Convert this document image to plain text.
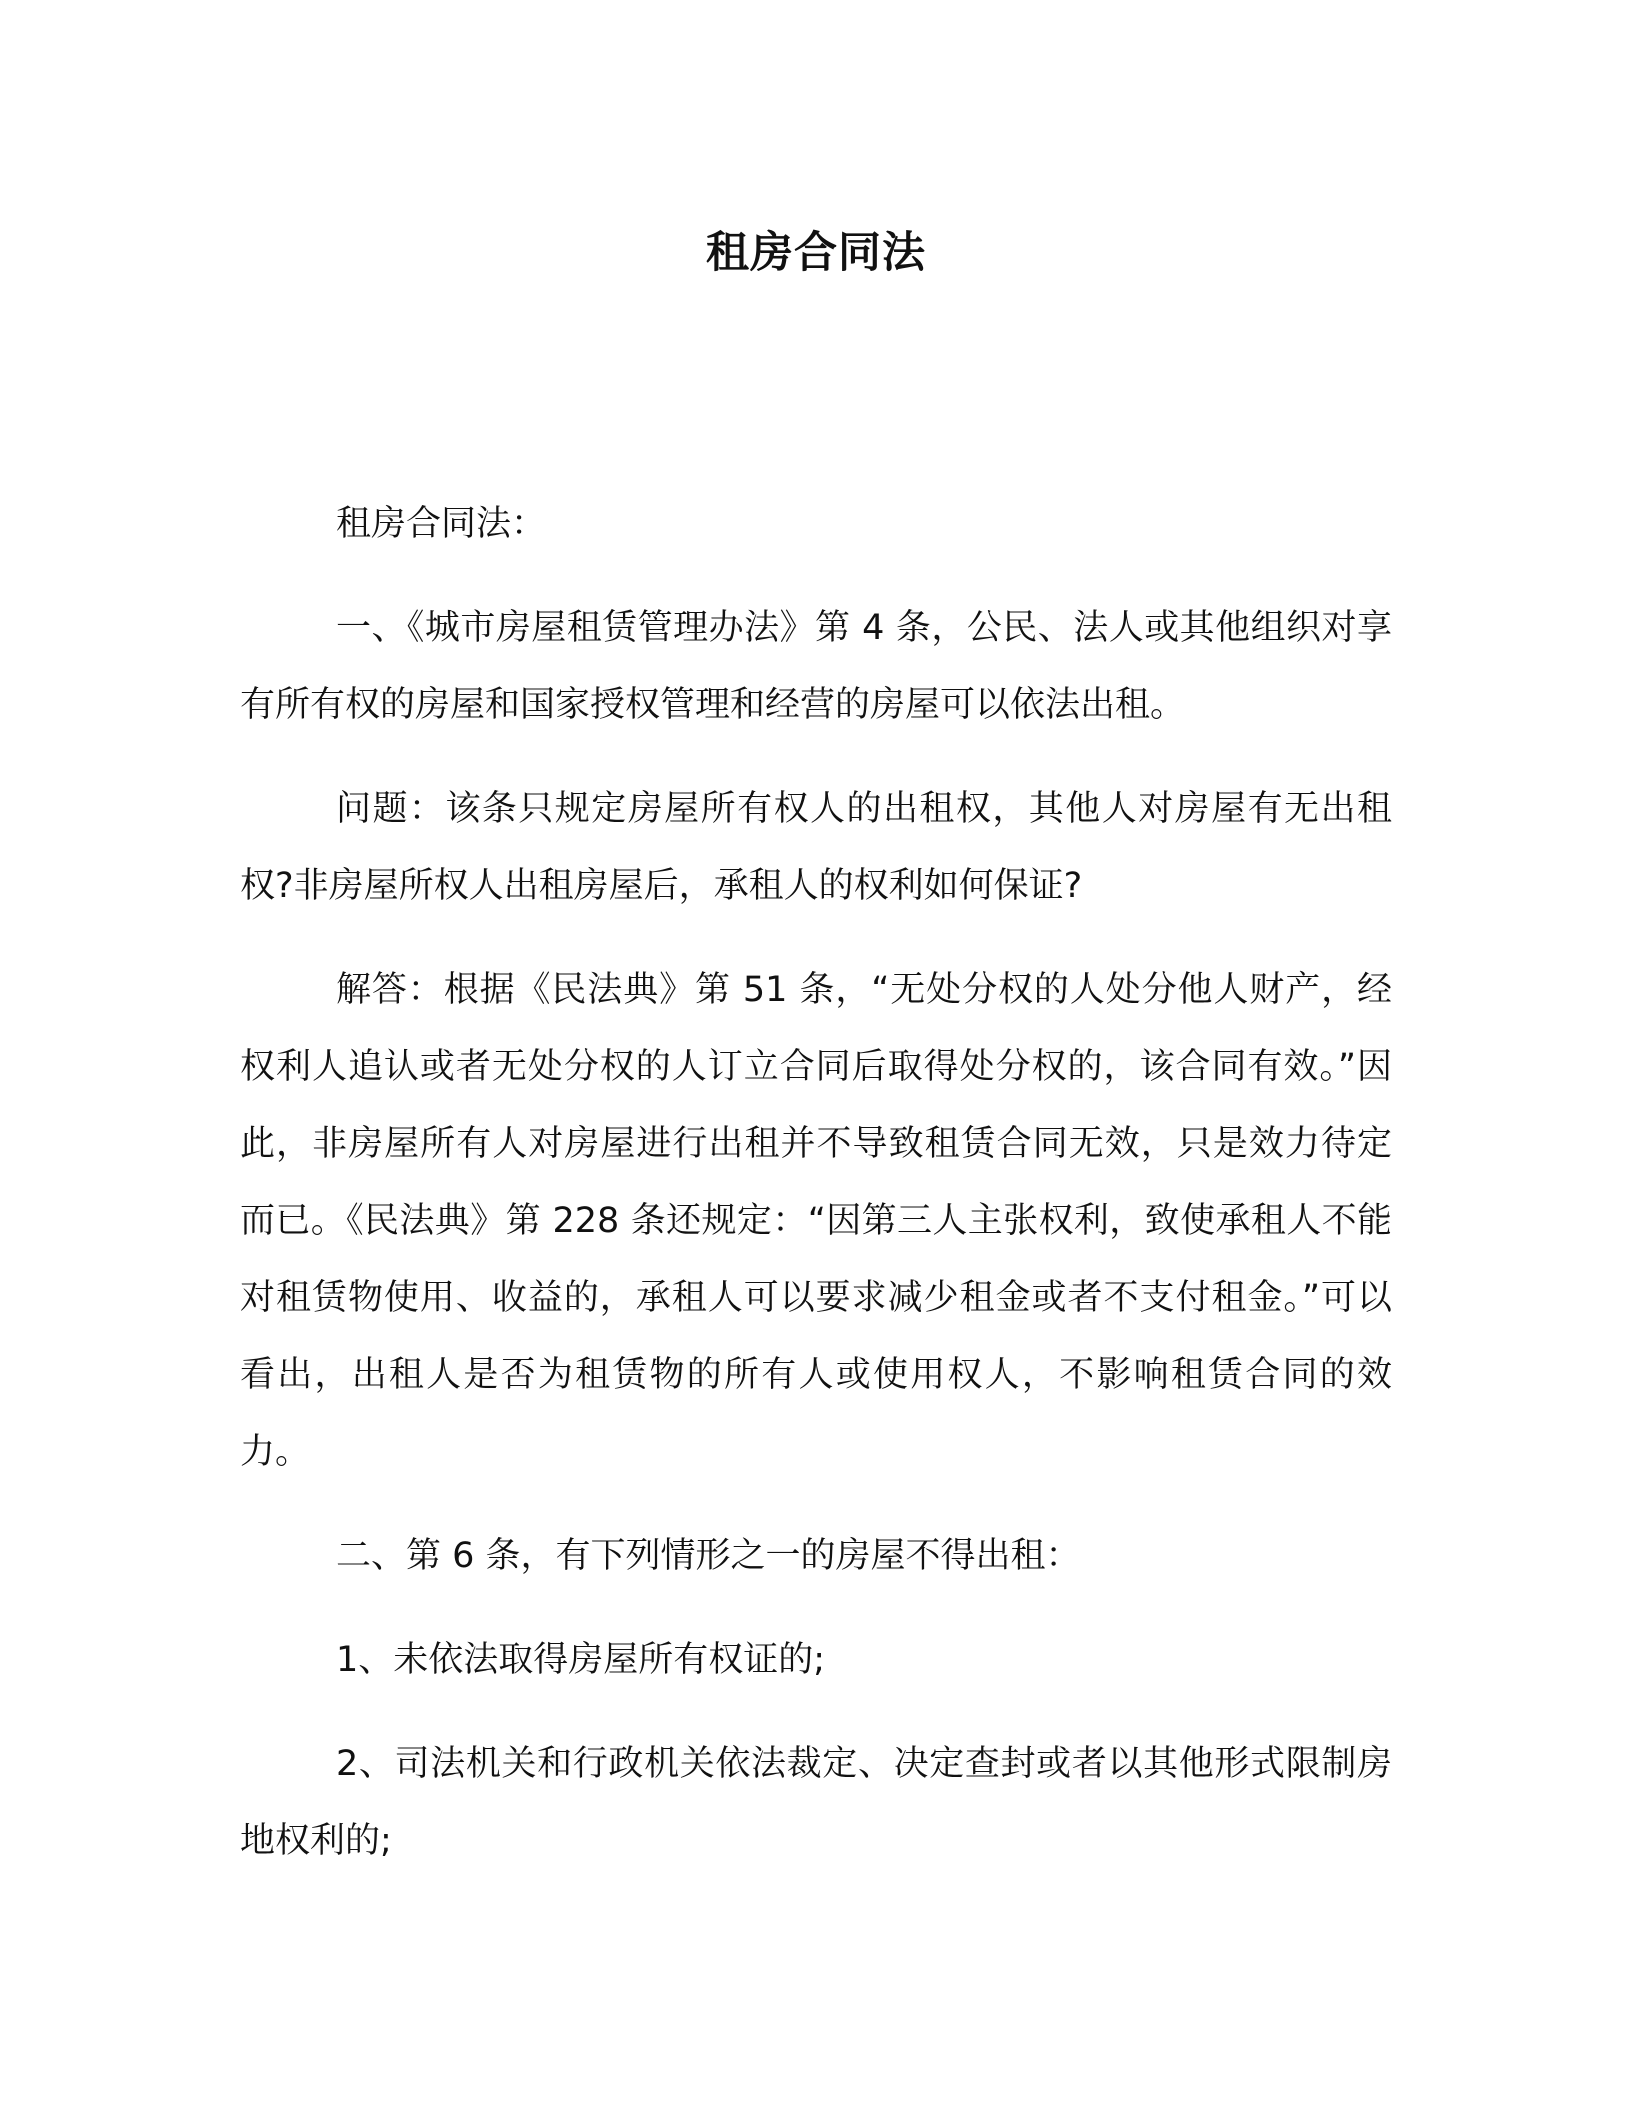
租房合同法

租房合同法：

一、《城市房屋租赁管理办法》第 4 条，公民、法人或其他组织对享有所有权的房屋和国家授权管理和经营的房屋可以依法出租。

问题：该条只规定房屋所有权人的出租权，其他人对房屋有无出租权?非房屋所权人出租房屋后，承租人的权利如何保证?

解答：根据《民法典》第 51 条，“无处分权的人处分他人财产，经权利人追认或者无处分权的人订立合同后取得处分权的，该合同有效。”因此，非房屋所有人对房屋进行出租并不导致租赁合同无效，只是效力待定而已。《民法典》第 228 条还规定：“因第三人主张权利，致使承租人不能对租赁物使用、收益的，承租人可以要求减少租金或者不支付租金。”可以看出，出租人是否为租赁物的所有人或使用权人，不影响租赁合同的效力。

二、第 6 条，有下列情形之一的房屋不得出租：

1、未依法取得房屋所有权证的;

2、司法机关和行政机关依法裁定、决定查封或者以其他形式限制房地权利的;
